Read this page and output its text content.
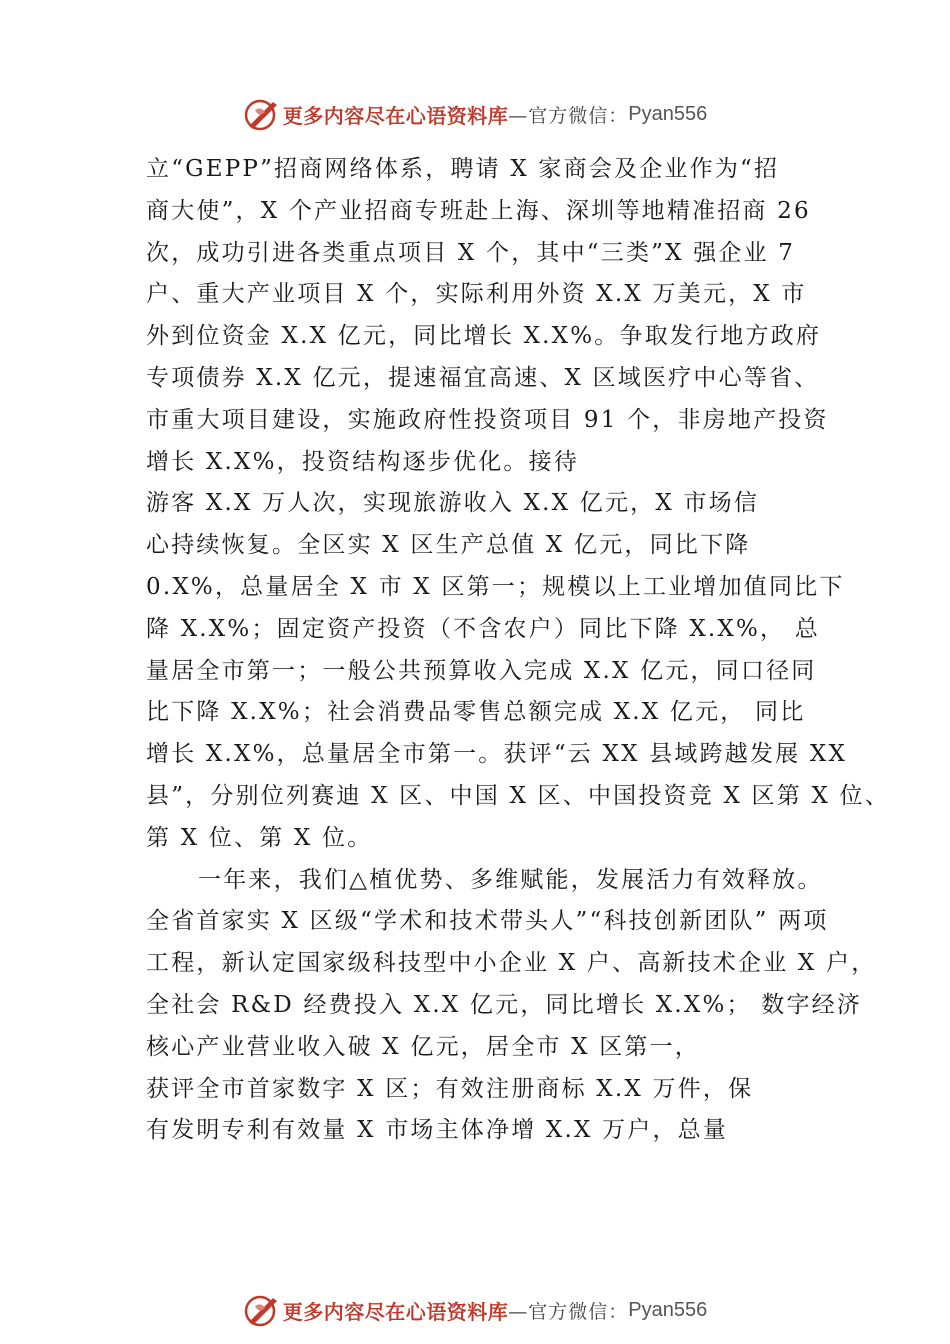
更多内容尽在心语资料库 —官方微信： Pyan556
立“GEPP”招商网络体系，聘请 X 家商会及企业作为“招
商大使”，X 个产业招商专班赴上海、深圳等地精准招商 26
次，成功引进各类重点项目 X 个，其中“三类”X 强企业 7
户、重大产业项目 X 个，实际利用外资 X.X 万美元，X 市
外到位资金 X.X 亿元，同比增长 X.X%。争取发行地方政府
专项债券 X.X 亿元，提速福宜高速、X 区域医疗中心等省、
市重大项目建设，实施政府性投资项目 91 个，非房地产投资
增长 X.X%，投资结构逐步优化。接待
游客 X.X 万人次，实现旅游收入 X.X 亿元，X 市场信
心持续恢复。全区实 X 区生产总值 X 亿元，同比下降
0.X%，总量居全 X 市 X 区第一；规模以上工业增加值同比下
降 X.X%；固定资产投资（不含农户）同比下降 X.X%， 总
量居全市第一；一般公共预算收入完成 X.X 亿元，同口径同
比下降 X.X%；社会消费品零售总额完成 X.X 亿元， 同比
增长 X.X%，总量居全市第一。获评“云 XX 县域跨越发展 XX
县”，分别位列赛迪 X 区、中国 X 区、中国投资竞 X 区第 X 位、
第 X 位、第 X 位。
一年来，我们△植优势、多维赋能，发展活力有效释放。
全省首家实 X 区级“学术和技术带头人”“科技创新团队” 两项
工程，新认定国家级科技型中小企业 X 户、高新技术企业 X 户，
全社会 R&D 经费投入 X.X 亿元，同比增长 X.X%； 数字经济
核心产业营业收入破 X 亿元，居全市 X 区第一，
获评全市首家数字 X 区；有效注册商标 X.X 万件，保
有发明专利有效量 X 市场主体净增 X.X 万户，总量
更多内容尽在心语资料库 —官方微信： Pyan556
